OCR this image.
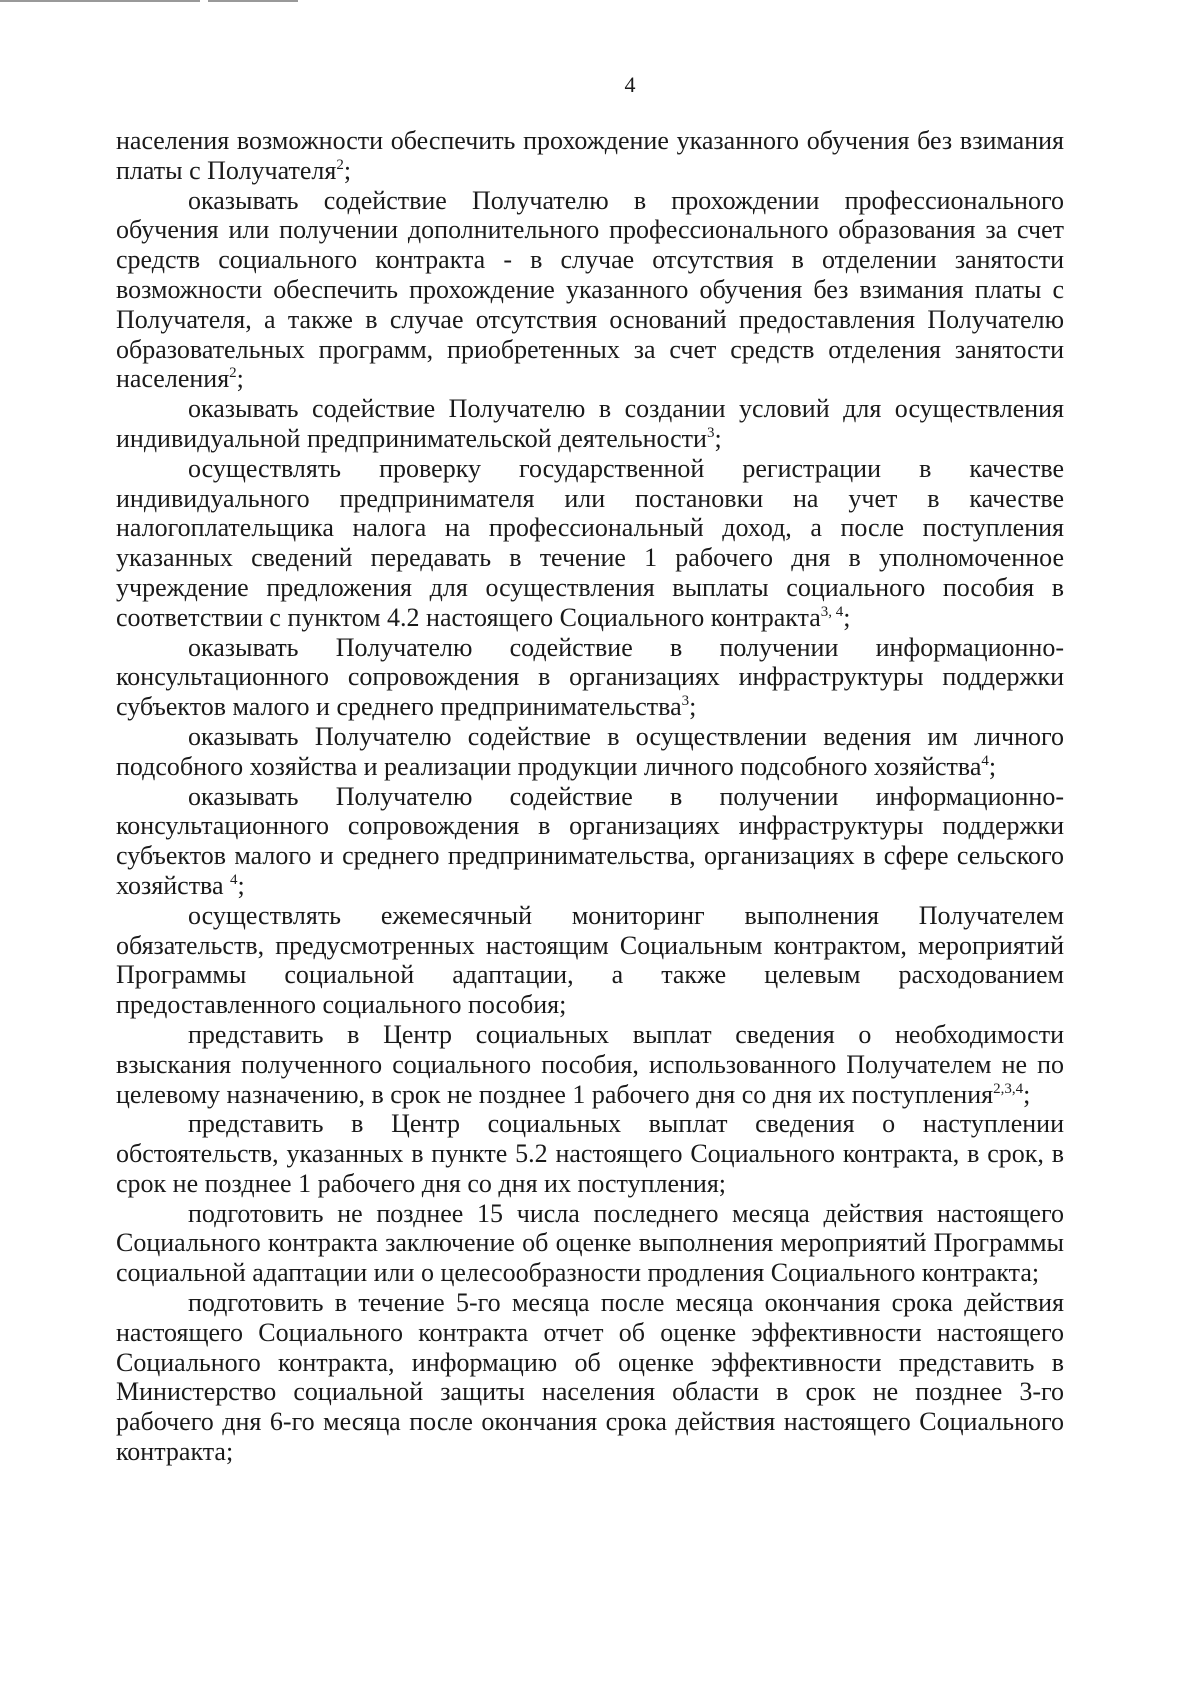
4

населения возможности обеспечить прохождение указанного обучения без взимания платы с Получателя$^2$;

оказывать содействие Получателю в прохождении профессионального обучения или получении дополнительного профессионального образования за счет средств социального контракта - в случае отсутствия в отделении занятости возможности обеспечить прохождение указанного обучения без взимания платы с Получателя, а также в случае отсутствия оснований предоставления Получателю образовательных программ, приобретенных за счет средств отделения занятости населения$^2$;

оказывать содействие Получателю в создании условий для осуществления индивидуальной предпринимательской деятельности$^3$;

осуществлять проверку государственной регистрации в качестве индивидуального предпринимателя или постановки на учет в качестве налогоплательщика налога на профессиональный доход, а после поступления указанных сведений передавать в течение 1 рабочего дня в уполномоченное учреждение предложения для осуществления выплаты социального пособия в соответствии с пунктом 4.2 настоящего Социального контракта$^{3, 4}$;

оказывать Получателю содействие в получении информационно-консультационного сопровождения в организациях инфраструктуры поддержки субъектов малого и среднего предпринимательства$^3$;

оказывать Получателю содействие в осуществлении ведения им личного подсобного хозяйства и реализации продукции личного подсобного хозяйства$^4$;

оказывать Получателю содействие в получении информационно-консультационного сопровождения в организациях инфраструктуры поддержки субъектов малого и среднего предпринимательства, организациях в сфере сельского хозяйства $^4$;

осуществлять ежемесячный мониторинг выполнения Получателем обязательств, предусмотренных настоящим Социальным контрактом, мероприятий Программы социальной адаптации, а также целевым расходованием предоставленного социального пособия;

представить в Центр социальных выплат сведения о необходимости взыскания полученного социального пособия, использованного Получателем не по целевому назначению, в срок не позднее 1 рабочего дня со дня их поступления$^{2,3,4}$;

представить в Центр социальных выплат сведения о наступлении обстоятельств, указанных в пункте 5.2 настоящего Социального контракта, в срок, в срок не позднее 1 рабочего дня со дня их поступления;

подготовить не позднее 15 числа последнего месяца действия настоящего Социального контракта заключение об оценке выполнения мероприятий Программы социальной адаптации или о целесообразности продления Социального контракта;

подготовить в течение 5-го месяца после месяца окончания срока действия настоящего Социального контракта отчет об оценке эффективности настоящего Социального контракта, информацию об оценке эффективности представить в Министерство социальной защиты населения области в срок не позднее 3-го рабочего дня 6-го месяца после окончания срока действия настоящего Социального контракта;
